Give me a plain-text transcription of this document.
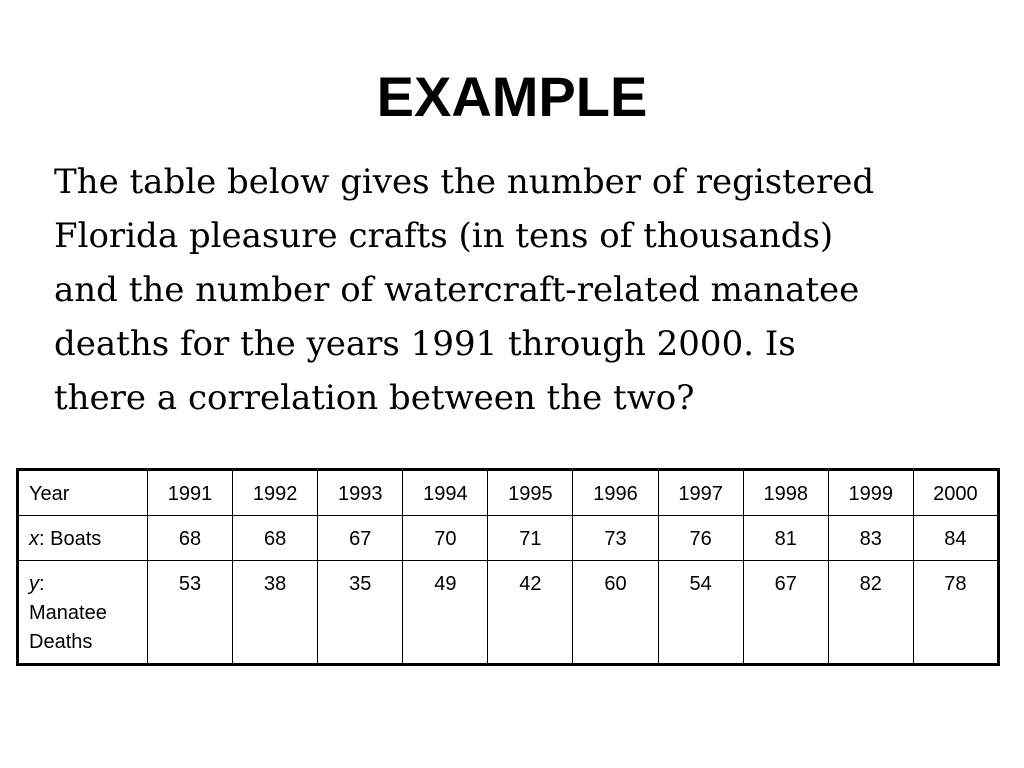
EXAMPLE
The table below gives the number of registered
Florida pleasure crafts (in tens of thousands)
and the number of watercraft-related manatee
deaths for the years 1991 through 2000. Is
there a correlation between the two?
Year	1991	1992	1993	1994	1995	1996	1997	1998	1999	2000
x: Boats	68	68	67	70	71	73	76	81	83	84
y:
Manatee
Deaths	53	38	35	49	42	60	54	67	82	78
